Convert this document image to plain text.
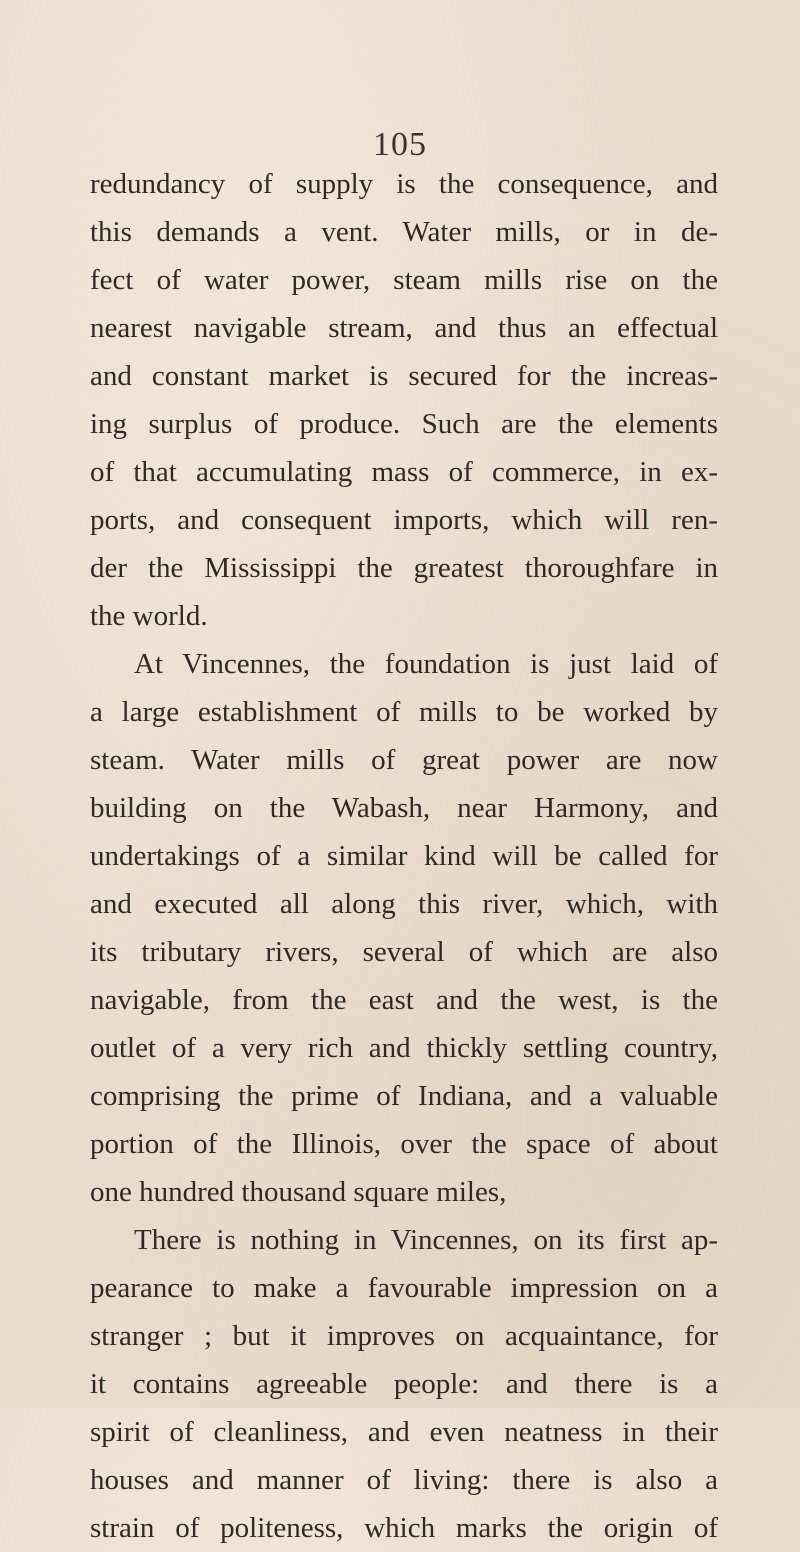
105
redundancy of supply is the consequence, and
this demands a vent. Water mills, or in de-
fect of water power, steam mills rise on the
nearest navigable stream, and thus an effectual
and constant market is secured for the increas-
ing surplus of produce. Such are the elements
of that accumulating mass of commerce, in ex-
ports, and consequent imports, which will ren-
der the Mississippi the greatest thoroughfare in
the world.
At Vincennes, the foundation is just laid of
a large establishment of mills to be worked by
steam. Water mills of great power are now
building on the Wabash, near Harmony, and
undertakings of a similar kind will be called for
and executed all along this river, which, with
its tributary rivers, several of which are also
navigable, from the east and the west, is the
outlet of a very rich and thickly settling country,
comprising the prime of Indiana, and a valuable
portion of the Illinois, over the space of about
one hundred thousand square miles,
There is nothing in Vincennes, on its first ap-
pearance to make a favourable impression on a
stranger ; but it improves on acquaintance, for
it contains agreeable people: and there is a
spirit of cleanliness, and even neatness in their
houses and manner of living: there is also a
strain of politeness, which marks the origin of
